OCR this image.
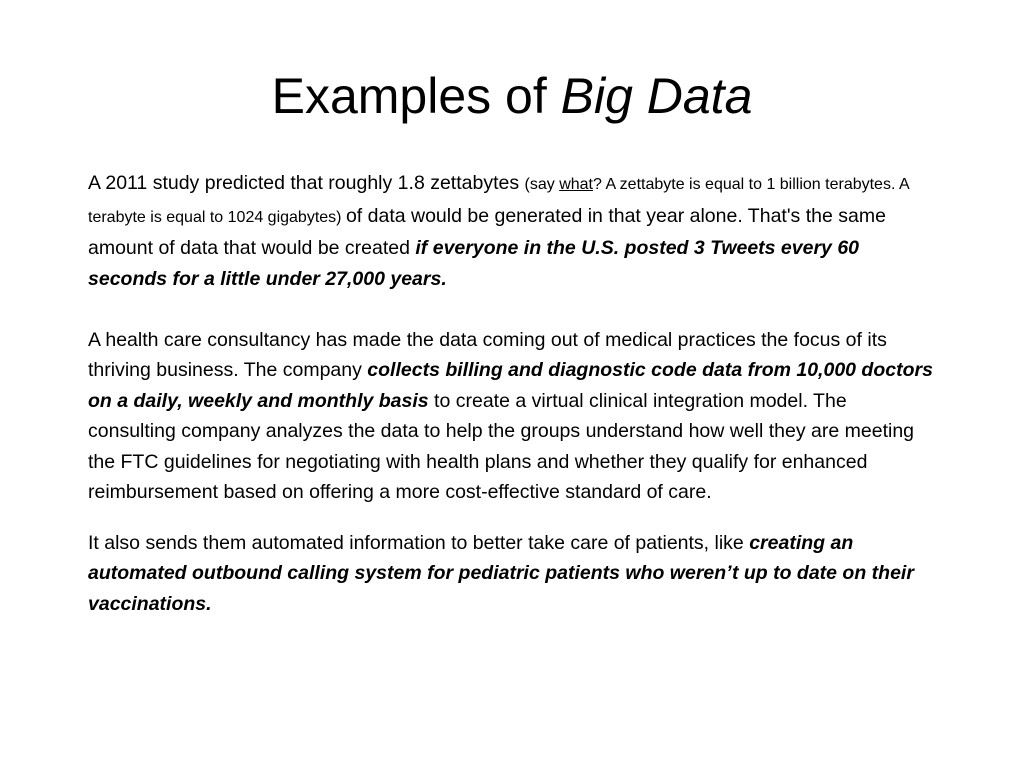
Examples of Big Data

A 2011 study predicted that roughly 1.8 zettabytes (say what? A zettabyte is equal to 1 billion terabytes. A terabyte is equal to 1024 gigabytes) of data would be generated in that year alone. That's the same amount of data that would be created if everyone in the U.S. posted 3 Tweets every 60 seconds for a little under 27,000 years.

A health care consultancy has made the data coming out of medical practices the focus of its thriving business. The company collects billing and diagnostic code data from 10,000 doctors on a daily, weekly and monthly basis to create a virtual clinical integration model. The consulting company analyzes the data to help the groups understand how well they are meeting the FTC guidelines for negotiating with health plans and whether they qualify for enhanced reimbursement based on offering a more cost-effective standard of care.

It also sends them automated information to better take care of patients, like creating an automated outbound calling system for pediatric patients who weren’t up to date on their vaccinations.
